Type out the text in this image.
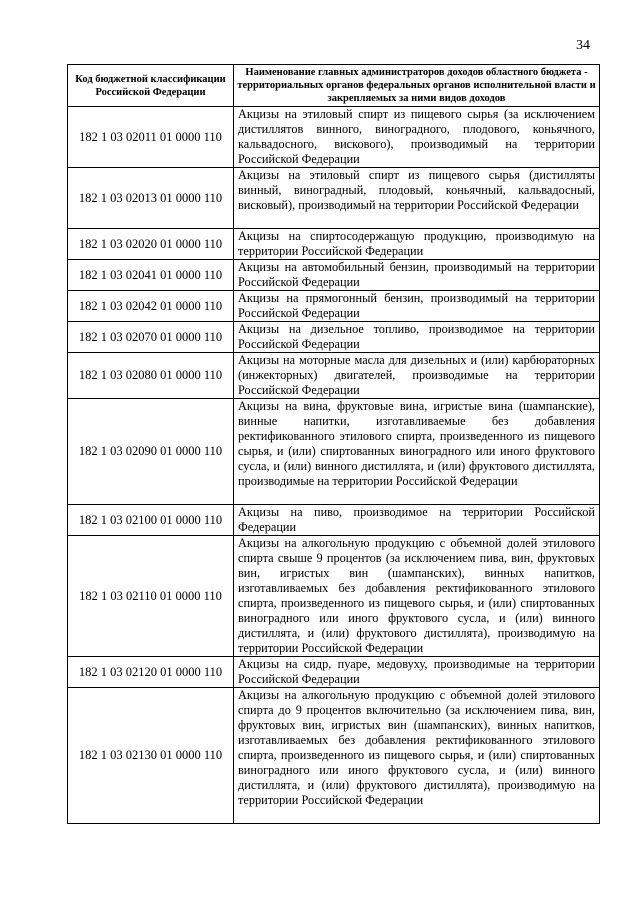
34
Код бюджетной классификации Российской Федерации	Наименование главных администраторов доходов областного бюджета - территориальных органов федеральных органов исполнительной власти и закрепляемых за ними видов доходов
182 1 03 02011 01 0000 110	Акцизы на этиловый спирт из пищевого сырья (за исключением дистиллятов винного, виноградного, плодового, коньячного, кальвадосного, вискового), производимый на территории Российской Федерации
182 1 03 02013 01 0000 110	Акцизы на этиловый спирт из пищевого сырья (дистилляты винный, виноградный, плодовый, коньячный, кальвадосный, висковый), производимый на территории Российской Федерации
182 1 03 02020 01 0000 110	Акцизы на спиртосодержащую продукцию, производимую на территории Российской Федерации
182 1 03 02041 01 0000 110	Акцизы на автомобильный бензин, производимый на территории Российской Федерации
182 1 03 02042 01 0000 110	Акцизы на прямогонный бензин, производимый на территории Российской Федерации
182 1 03 02070 01 0000 110	Акцизы на дизельное топливо, производимое на территории Российской Федерации
182 1 03 02080 01 0000 110	Акцизы на моторные масла для дизельных и (или) карбюраторных (инжекторных) двигателей, производимые на территории Российской Федерации
182 1 03 02090 01 0000 110	Акцизы на вина, фруктовые вина, игристые вина (шампанские), винные напитки, изготавливаемые без добавления ректификованного этилового спирта, произведенного из пищевого сырья, и (или) спиртованных виноградного или иного фруктового сусла, и (или) винного дистиллята, и (или) фруктового дистиллята, производимые на территории Российской Федерации
182 1 03 02100 01 0000 110	Акцизы на пиво, производимое на территории Российской Федерации
182 1 03 02110 01 0000 110	Акцизы на алкогольную продукцию с объемной долей этилового спирта свыше 9 процентов (за исключением пива, вин, фруктовых вин, игристых вин (шампанских), винных напитков, изготавливаемых без добавления ректификованного этилового спирта, произведенного из пищевого сырья, и (или) спиртованных виноградного или иного фруктового сусла, и (или) винного дистиллята, и (или) фруктового дистиллята), производимую на территории Российской Федерации
182 1 03 02120 01 0000 110	Акцизы на сидр, пуаре, медовуху, производимые на территории Российской Федерации
182 1 03 02130 01 0000 110	Акцизы на алкогольную продукцию с объемной долей этилового спирта до 9 процентов включительно (за исключением пива, вин, фруктовых вин, игристых вин (шампанских), винных напитков, изготавливаемых без добавления ректификованного этилового спирта, произведенного из пищевого сырья, и (или) спиртованных виноградного или иного фруктового сусла, и (или) винного дистиллята, и (или) фруктового дистиллята), производимую на территории Российской Федерации
